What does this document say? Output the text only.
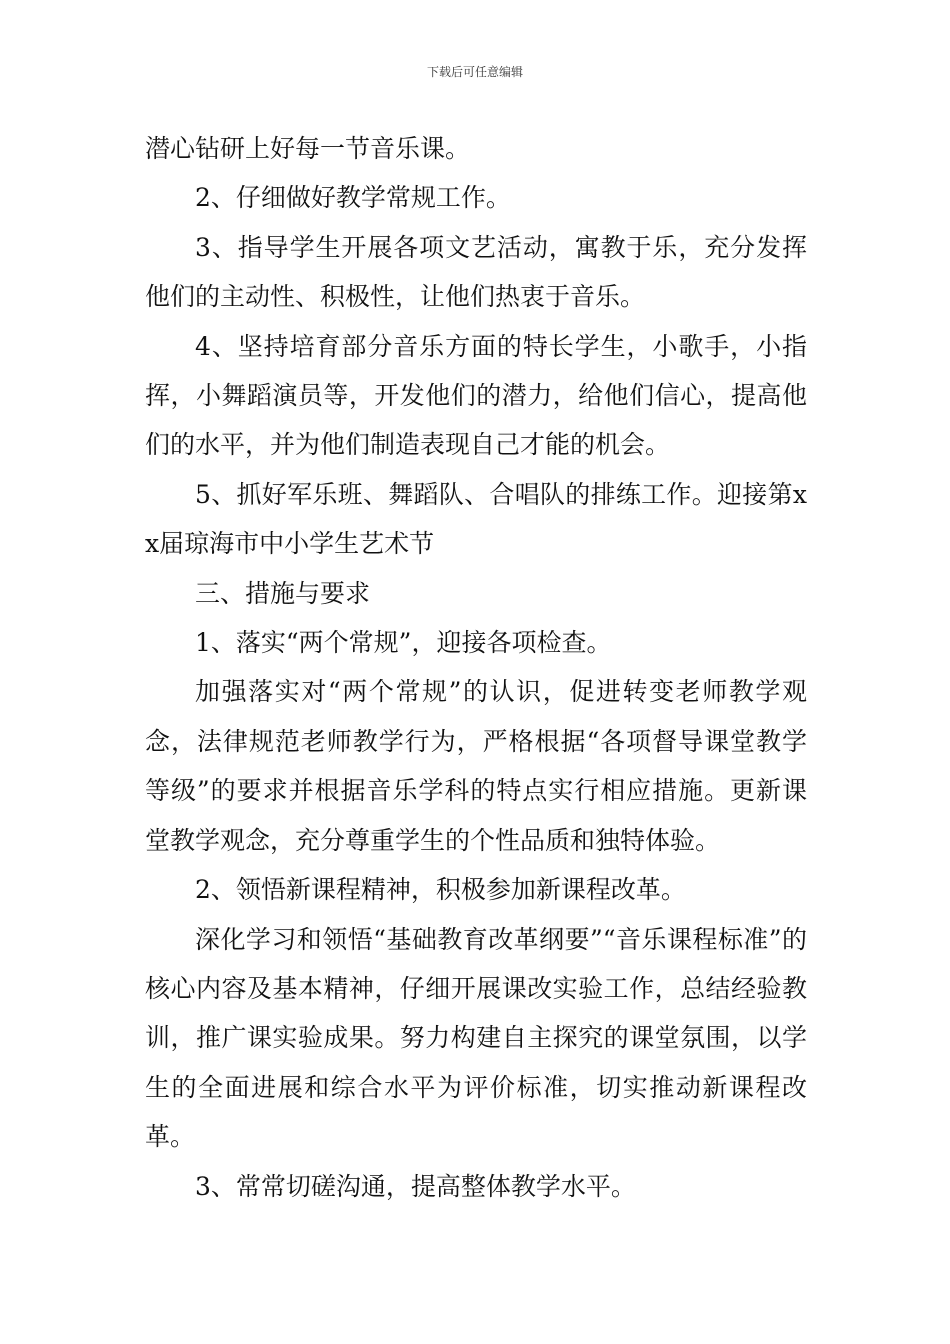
下载后可任意编辑

潜心钻研上好每一节音乐课。

2、仔细做好教学常规工作。

3、指导学生开展各项文艺活动，寓教于乐，充分发挥他们的主动性、积极性，让他们热衷于音乐。

4、坚持培育部分音乐方面的特长学生，小歌手，小指挥，小舞蹈演员等，开发他们的潜力，给他们信心，提高他们的水平，并为他们制造表现自己才能的机会。

5、抓好军乐班、舞蹈队、合唱队的排练工作。迎接第xx届琼海市中小学生艺术节

三、措施与要求

1、落实“两个常规”，迎接各项检查。

加强落实对“两个常规”的认识，促进转变老师教学观念，法律规范老师教学行为，严格根据“各项督导课堂教学等级”的要求并根据音乐学科的特点实行相应措施。更新课堂教学观念，充分尊重学生的个性品质和独特体验。

2、领悟新课程精神，积极参加新课程改革。

深化学习和领悟“基础教育改革纲要”“音乐课程标准”的核心内容及基本精神，仔细开展课改实验工作，总结经验教训，推广课实验成果。努力构建自主探究的课堂氛围，以学生的全面进展和综合水平为评价标准，切实推动新课程改革。

3、常常切磋沟通，提高整体教学水平。
